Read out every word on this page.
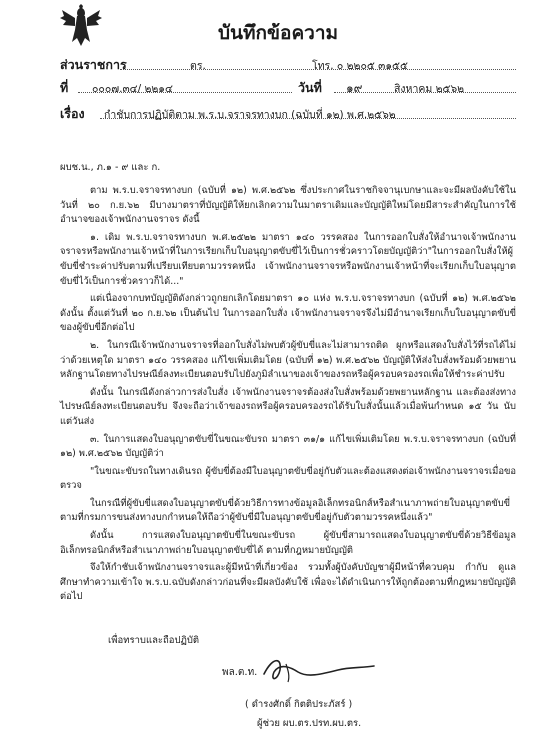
บันทึกข้อความ
ส่วนราชการ	ตร.	โทร. ๐ ๒๒๐๕ ๓๑๕๕
ที่ ๐๐๐๗.๓๔/ ๒๒๑๔	วันที่ ๑๙	สิงหาคม ๒๕๖๒
เรื่อง กำชับการปฏิบัติตาม พ.ร.บ.จราจรทางบก (ฉบับที่ ๑๒) พ.ศ.๒๕๖๒
ผบช.น., ภ.๑ - ๙ และ ก.

ตาม พ.ร.บ.จราจรทางบก (ฉบับที่ ๑๒) พ.ศ.๒๕๖๒ ซึ่งประกาศในราชกิจจานุเบกษาและจะมีผลบังคับใช้ในวันที่ ๒๐ ก.ย.๖๒ มีบางมาตราที่บัญญัติให้ยกเลิกความในมาตราเดิมและบัญญัติใหม่โดยมีสาระสำคัญในการใช้อำนาจของเจ้าพนักงานจราจร ดังนี้

๑. เดิม พ.ร.บ.จราจรทางบก พ.ศ.๒๕๒๒ มาตรา ๑๔๐ วรรคสอง ในการออกใบสั่งให้อำนาจเจ้าพนักงานจราจรหรือพนักงานเจ้าหน้าที่ในการเรียกเก็บใบอนุญาตขับขี่ไว้เป็นการชั่วคราวโดยบัญญัติว่า"ในการออกใบสั่งให้ผู้ขับขี่ชำระค่าปรับตามที่เปรียบเทียบตามวรรคหนึ่ง เจ้าพนักงานจราจรหรือพนักงานเจ้าหน้าที่จะเรียกเก็บใบอนุญาตขับขี่ไว้เป็นการชั่วคราวก็ได้..."

แต่เนื่องจากบทบัญญัติดังกล่าวถูกยกเลิกโดยมาตรา ๑๐ แห่ง พ.ร.บ.จราจรทางบก (ฉบับที่ ๑๒) พ.ศ.๒๕๖๒ ดังนั้น ตั้งแต่วันที่ ๒๐ ก.ย.๖๒ เป็นต้นไป ในการออกใบสั่ง เจ้าพนักงานจราจรจึงไม่มีอำนาจเรียกเก็บใบอนุญาตขับขี่ของผู้ขับขี่อีกต่อไป

๒. ในกรณีเจ้าพนักงานจราจรที่ออกใบสั่งไม่พบตัวผู้ขับขี่และไม่สามารถติด ผูกหรือแสดงใบสั่งไว้ที่รถได้ไม่ว่าด้วยเหตุใด มาตรา ๑๔๐ วรรคสอง แก้ไขเพิ่มเติมโดย (ฉบับที่ ๑๒) พ.ศ.๒๕๖๒ บัญญัติให้ส่งใบสั่งพร้อมด้วยพยานหลักฐานโดยทางไปรษณีย์ลงทะเบียนตอบรับไปยังภูมิลำเนาของเจ้าของรถหรือผู้ครอบครองรถเพื่อให้ชำระค่าปรับ

ดังนั้น ในกรณีดังกล่าวการส่งใบสั่ง เจ้าพนักงานจราจรต้องส่งใบสั่งพร้อมด้วยพยานหลักฐาน และต้องส่งทางไปรษณีย์ลงทะเบียนตอบรับ จึงจะถือว่าเจ้าของรถหรือผู้ครอบครองรถได้รับใบสั่งนั้นแล้วเมื่อพ้นกำหนด ๑๕ วัน นับแต่วันส่ง

๓. ในการแสดงใบอนุญาตขับขี่ในขณะขับรถ มาตรา ๓๑/๑ แก้ไขเพิ่มเติมโดย พ.ร.บ.จราจรทางบก (ฉบับที่ ๑๒) พ.ศ.๒๕๖๒ บัญญัติว่า

"ในขณะขับรถในทางเดินรถ ผู้ขับขี่ต้องมีใบอนุญาตขับขี่อยู่กับตัวและต้องแสดงต่อเจ้าพนักงานจราจรเมื่อขอตรวจ

ในกรณีที่ผู้ขับขี่แสดงใบอนุญาตขับขี่ด้วยวิธีการทางข้อมูลอิเล็กทรอนิกส์หรือสำเนาภาพถ่ายใบอนุญาตขับขี่ตามที่กรมการขนส่งทางบกกำหนดให้ถือว่าผู้ขับขี่มีใบอนุญาตขับขี่อยู่กับตัวตามวรรคหนึ่งแล้ว"

ดังนั้น การแสดงใบอนุญาตขับขี่ในขณะขับรถ ผู้ขับขี่สามารถแสดงใบอนุญาตขับขี่ด้วยวิธีข้อมูลอิเล็กทรอนิกส์หรือสำเนาภาพถ่ายใบอนุญาตขับขี่ได้ ตามที่กฎหมายบัญญัติ

จึงให้กำชับเจ้าพนักงานจราจรและผู้มีหน้าที่เกี่ยวข้อง รวมทั้งผู้บังคับบัญชาผู้มีหน้าที่ควบคุม กำกับ ดูแล ศึกษาทำความเข้าใจ พ.ร.บ.ฉบับดังกล่าวก่อนที่จะมีผลบังคับใช้ เพื่อจะได้ดำเนินการให้ถูกต้องตามที่กฎหมายบัญญัติต่อไป

เพื่อทราบและถือปฏิบัติ
พล.ต.ท.
( ดำรงศักดิ์ กิตติประภัสร์ )
ผู้ช่วย ผบ.ตร.ปรท.ผบ.ตร.
